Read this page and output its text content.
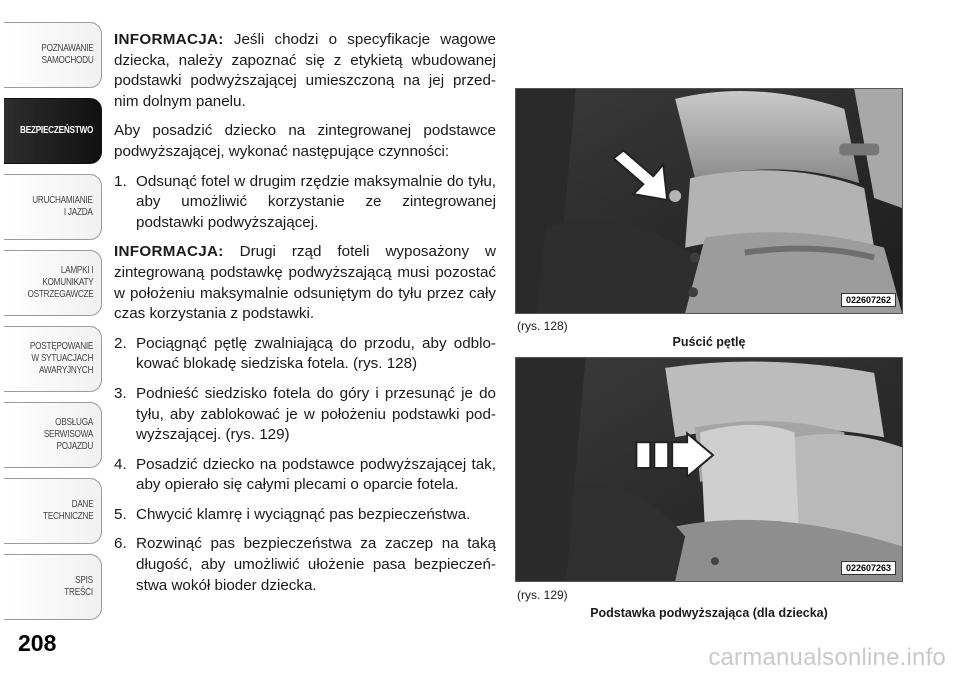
POZNAWANIE
SAMOCHODU
BEZPIECZEŃSTWO
URUCHAMIANIE
I JAZDA
LAMPKI I
KOMUNIKATY
OSTRZEGAWCZE
POSTĘPOWANIE
W SYTUACJACH
AWARYJNYCH
OBSŁUGA
SERWISOWA
POJAZDU
DANE
TECHNICZNE
SPIS
TREŚCI
208

INFORMACJA: Jeśli chodzi o specyfikacje wagowe dziecka, należy zapoznać się z etykietą wbudowanej podstawki podwyższającej umieszczoną na jej przed-nim dolnym panelu.

Aby posadzić dziecko na zintegrowanej podstawce podwyższającej, wykonać następujące czynności:

1. Odsunąć fotel w drugim rzędzie maksymalnie do tyłu, aby umożliwić korzystanie ze zintegrowanej podstawki podwyższającej.

INFORMACJA: Drugi rząd foteli wyposażony w zintegrowaną podstawkę podwyższającą musi pozostać w położeniu maksymalnie odsuniętym do tyłu przez cały czas korzystania z podstawki.

2. Pociągnąć pętlę zwalniającą do przodu, aby odblo-kować blokadę siedziska fotela. (rys. 128)
3. Podnieść siedzisko fotela do góry i przesunąć je do tyłu, aby zablokować je w położeniu podstawki pod-wyższającej. (rys. 129)
4. Posadzić dziecko na podstawce podwyższającej tak, aby opierało się całymi plecami o oparcie fotela.
5. Chwycić klamrę i wyciągnąć pas bezpieczeństwa.
6. Rozwinąć pas bezpieczeństwa za zaczep na taką długość, aby umożliwić ułożenie pasa bezpieczeń-stwa wokół bioder dziecka.
022607262
(rys. 128)
Puścić pętlę
022607263
(rys. 129)
Podstawka podwyższająca (dla dziecka)
carmanualsonline.info
